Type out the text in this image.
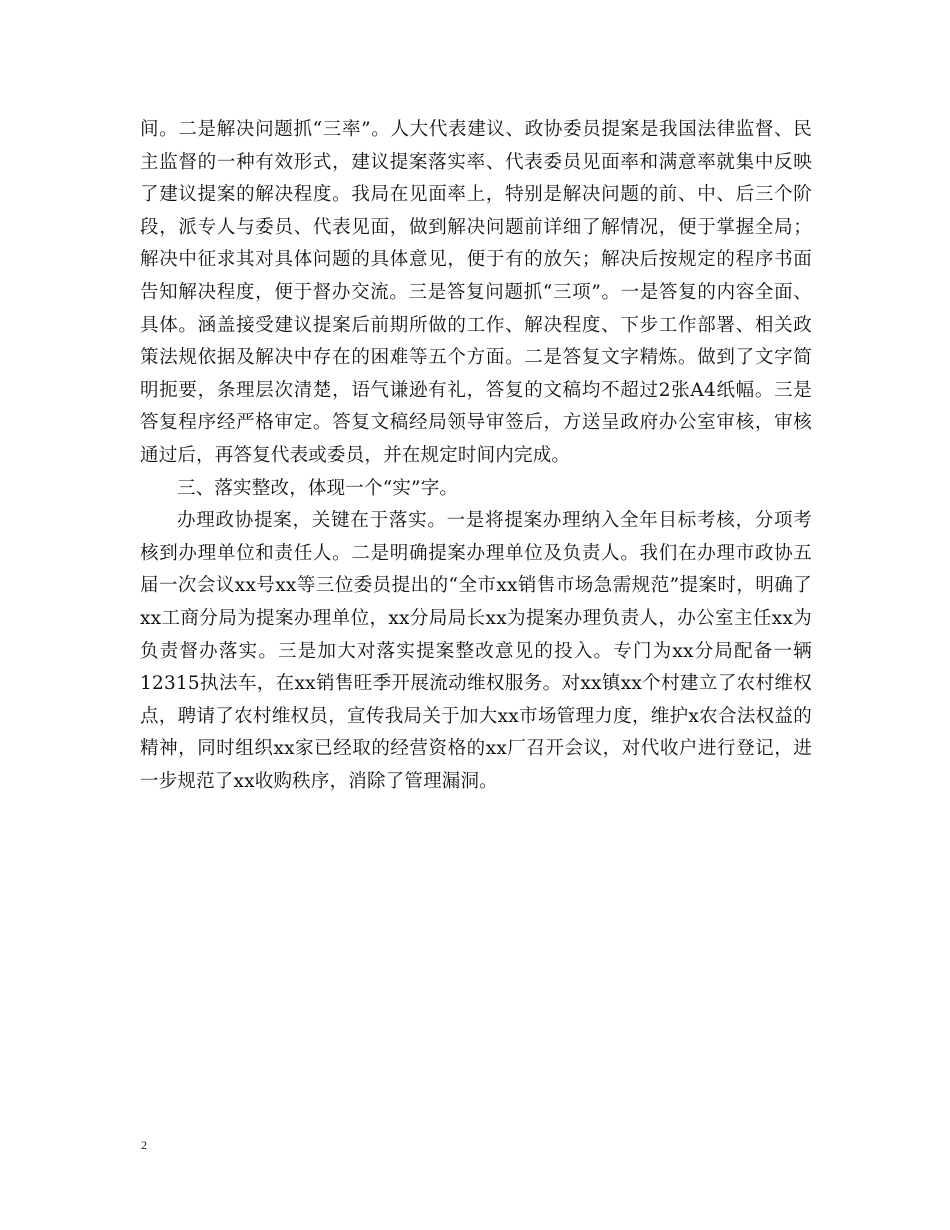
间。二是解决问题抓“三率”。人大代表建议、政协委员提案是我国法律监督、民主监督的一种有效形式，建议提案落实率、代表委员见面率和满意率就集中反映了建议提案的解决程度。我局在见面率上，特别是解决问题的前、中、后三个阶段，派专人与委员、代表见面，做到解决问题前详细了解情况，便于掌握全局；解决中征求其对具体问题的具体意见，便于有的放矢；解决后按规定的程序书面告知解决程度，便于督办交流。三是答复问题抓“三项”。一是答复的内容全面、具体。涵盖接受建议提案后前期所做的工作、解决程度、下步工作部署、相关政策法规依据及解决中存在的困难等五个方面。二是答复文字精炼。做到了文字简明扼要，条理层次清楚，语气谦逊有礼，答复的文稿均不超过2张A4纸幅。三是答复程序经严格审定。答复文稿经局领导审签后，方送呈政府办公室审核，审核通过后，再答复代表或委员，并在规定时间内完成。

三、落实整改，体现一个“实”字。

办理政协提案，关键在于落实。一是将提案办理纳入全年目标考核，分项考核到办理单位和责任人。二是明确提案办理单位及负责人。我们在办理市政协五届一次会议xx号xx等三位委员提出的“全市xx销售市场急需规范”提案时，明确了xx工商分局为提案办理单位，xx分局局长xx为提案办理负责人，办公室主任xx为负责督办落实。三是加大对落实提案整改意见的投入。专门为xx分局配备一辆12315执法车，在xx销售旺季开展流动维权服务。对xx镇xx个村建立了农村维权点，聘请了农村维权员，宣传我局关于加大xx市场管理力度，维护x农合法权益的精神，同时组织xx家已经取的经营资格的xx厂召开会议，对代收户进行登记，进一步规范了xx收购秩序，消除了管理漏洞。

2
